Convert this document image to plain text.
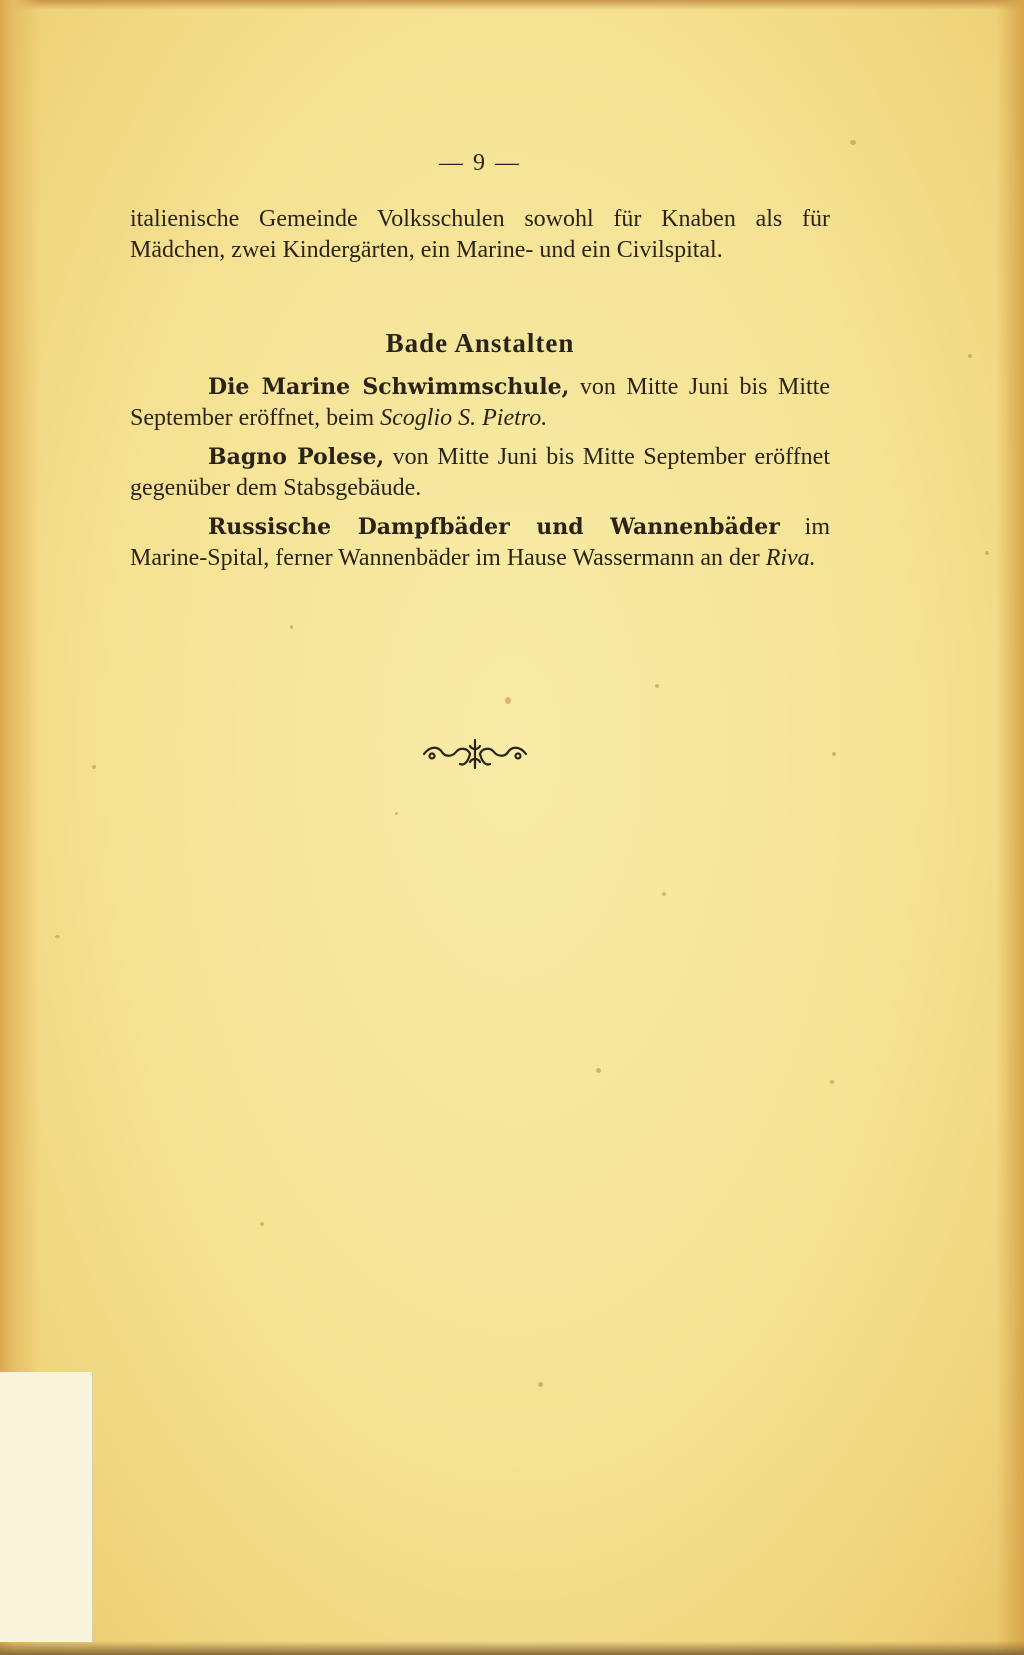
— 9 —
italienische Gemeinde Volksschulen sowohl für Knaben als für Mädchen, zwei Kindergärten, ein Marine- und ein Civilspital.
Bade Anstalten

Die Marine Schwimmschule, von Mitte Juni bis Mitte September eröffnet, beim Scoglio S. Pietro.

Bagno Polese, von Mitte Juni bis Mitte September eröffnet gegenüber dem Stabsgebäude.

Russische Dampfbäder und Wannenbäder im Marine-Spital, ferner Wannenbäder im Hause Wassermann an der Riva.
